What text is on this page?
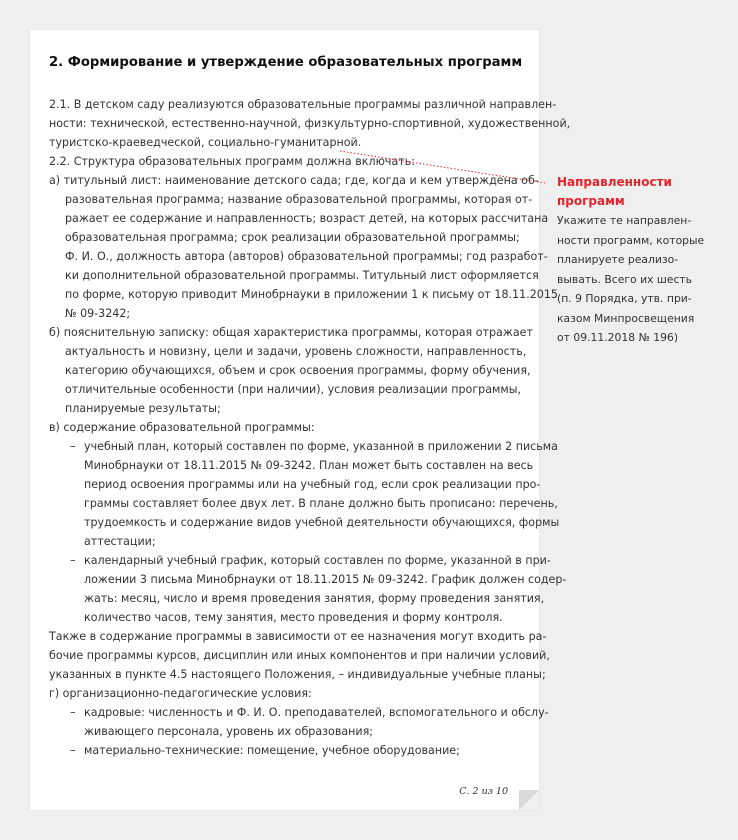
2. Формирование и утверждение образовательных программ
2.1. В детском саду реализуются образовательные программы различной направлен-
ности: технической, естественно-научной, физкультурно-спортивной, художественной,
туристско-краеведческой, социально-гуманитарной.
2.2. Структура образовательных программ должна включать:
а) титульный лист: наименование детского сада; где, когда и кем утверждена об-
разовательная программа; название образовательной программы, которая от-
ражает ее содержание и направленность; возраст детей, на которых рассчитана
образовательная программа; срок реализации образовательной программы;
Ф. И. О., должность автора (авторов) образовательной программы; год разработ-
ки дополнительной образовательной программы. Титульный лист оформляется
по форме, которую приводит Минобрнауки в приложении 1 к письму от 18.11.2015
№ 09-3242;
б) пояснительную записку: общая характеристика программы, которая отражает
актуальность и новизну, цели и задачи, уровень сложности, направленность,
категорию обучающихся, объем и срок освоения программы, форму обучения,
отличительные особенности (при наличии), условия реализации программы,
планируемые результаты;
в) содержание образовательной программы:
– учебный план, который составлен по форме, указанной в приложении 2 письма
Минобрнауки от 18.11.2015 № 09-3242. План может быть составлен на весь
период освоения программы или на учебный год, если срок реализации про-
граммы составляет более двух лет. В плане должно быть прописано: перечень,
трудоемкость и содержание видов учебной деятельности обучающихся, формы
аттестации;
– календарный учебный график, который составлен по форме, указанной в при-
ложении 3 письма Минобрнауки от 18.11.2015 № 09-3242. График должен содер-
жать: месяц, число и время проведения занятия, форму проведения занятия,
количество часов, тему занятия, место проведения и форму контроля.
Также в содержание программы в зависимости от ее назначения могут входить ра-
бочие программы курсов, дисциплин или иных компонентов и при наличии условий,
указанных в пункте 4.5 настоящего Положения, – индивидуальные учебные планы;
г) организационно-педагогические условия:
– кадровые: численность и Ф. И. О. преподавателей, вспомогательного и обслу-
живающего персонала, уровень их образования;
– материально-технические: помещение, учебное оборудование;
С. 2 из 10
Направленности
программ
Укажите те направлен-
ности программ, которые
планируете реализо-
вывать. Всего их шесть
(п. 9 Порядка, утв. при-
казом Минпросвещения
от 09.11.2018 № 196)
